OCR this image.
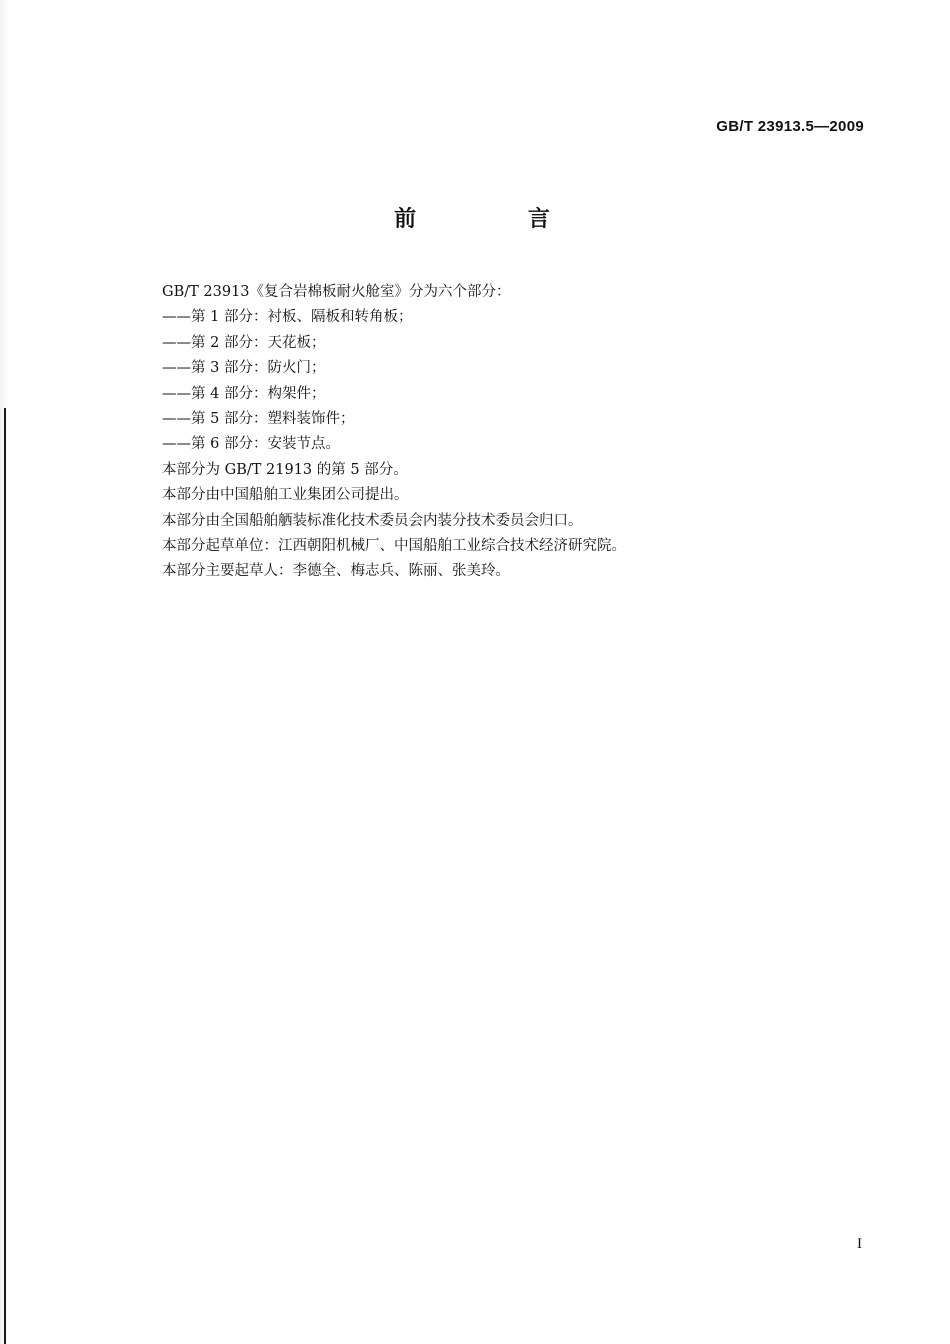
GB/T 23913.5—2009
前 言
GB/T 23913《复合岩棉板耐火舱室》分为六个部分：
——第 1 部分：衬板、隔板和转角板；
——第 2 部分：天花板；
——第 3 部分：防火门；
——第 4 部分：构架件；
——第 5 部分：塑料装饰件；
——第 6 部分：安装节点。
本部分为 GB/T 21913 的第 5 部分。
本部分由中国船舶工业集团公司提出。
本部分由全国船舶舾装标准化技术委员会内装分技术委员会归口。
本部分起草单位：江西朝阳机械厂、中国船舶工业综合技术经济研究院。
本部分主要起草人：李德全、梅志兵、陈丽、张美玲。
I
